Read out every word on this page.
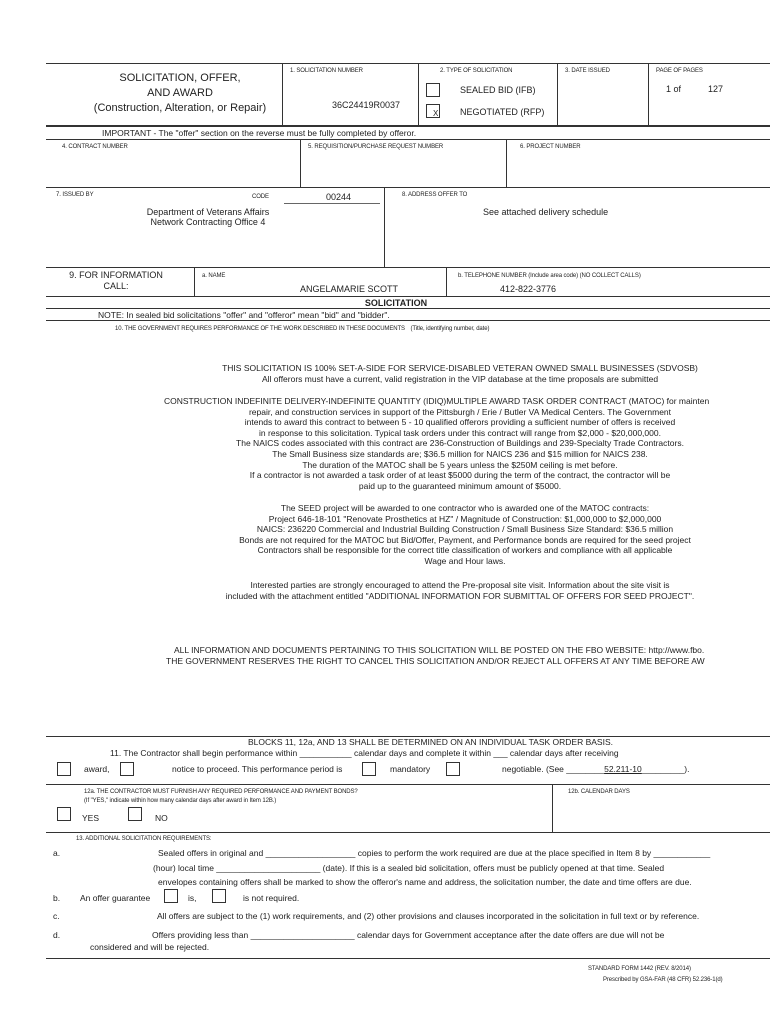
SOLICITATION, OFFER,
AND AWARD
(Construction, Alteration, or Repair)
1. SOLICITATION NUMBER
36C24419R0037
2. TYPE OF SOLICITATION
SEALED BID (IFB)
X NEGOTIATED (RFP)
3. DATE ISSUED	PAGE OF PAGES
1 of	127
IMPORTANT - The "offer" section on the reverse must be fully completed by offeror.
4. CONTRACT NUMBER	5. REQUISITION/PURCHASE REQUEST NUMBER	6. PROJECT NUMBER
7. ISSUED BY	CODE	00244
Department of Veterans Affairs
Network Contracting Office 4
8. ADDRESS OFFER TO
See attached delivery schedule
9. FOR INFORMATION
CALL:
a. NAME
ANGELAMARIE SCOTT
b. TELEPHONE NUMBER (Include area code) (NO COLLECT CALLS)
412-822-3776
SOLICITATION
NOTE: In sealed bid solicitations "offer" and "offeror" mean "bid" and "bidder".
10. THE GOVERNMENT REQUIRES PERFORMANCE OF THE WORK DESCRIBED IN THESE DOCUMENTS (Title, identifying number, date)
THIS SOLICITATION IS 100% SET-A-SIDE FOR SERVICE-DISABLED VETERAN OWNED SMALL BUSINESSES (SDVOSB)
All offerors must have a current, valid registration in the VIP database at the time proposals are submitted
CONSTRUCTION INDEFINITE DELIVERY-INDEFINITE QUANTITY (IDIQ)MULTIPLE AWARD TASK ORDER CONTRACT (MATOC) for mainten
repair, and construction services in support of the Pittsburgh / Erie / Butler VA Medical Centers. The Government
intends to award this contract to between 5 - 10 qualified offerors providing a sufficient number of offers is received
in response to this solicitation. Typical task orders under this contract will range from $2,000 - $20,000,000.
The NAICS codes associated with this contract are 236-Construction of Buildings and 239-Specialty Trade Contractors.
The Small Business size standards are; $36.5 million for NAICS 236 and $15 million for NAICS 238.
The duration of the MATOC shall be 5 years unless the $250M ceiling is met before.
If a contractor is not awarded a task order of at least $5000 during the term of the contract, the contractor will be
paid up to the guaranteed minimum amount of $5000.
The SEED project will be awarded to one contractor who is awarded one of the MATOC contracts:
Project 646-18-101 "Renovate Prosthetics at HZ" / Magnitude of Construction: $1,000,000 to $2,000,000
NAICS: 236220 Commercial and Industrial Building Construction / Small Business Size Standard: $36.5 million
Bonds are not required for the MATOC but Bid/Offer, Payment, and Performance bonds are required for the seed project
Contractors shall be responsible for the correct title classification of workers and compliance with all applicable
Wage and Hour laws.
Interested parties are strongly encouraged to attend the Pre-proposal site visit. Information about the site visit is
included with the attachment entitled "ADDITIONAL INFORMATION FOR SUBMITTAL OF OFFERS FOR SEED PROJECT".
ALL INFORMATION AND DOCUMENTS PERTAINING TO THIS SOLICITATION WILL BE POSTED ON THE FBO WEBSITE: http://www.fbo.
THE GOVERNMENT RESERVES THE RIGHT TO CANCEL THIS SOLICITATION AND/OR REJECT ALL OFFERS AT ANY TIME BEFORE AW
BLOCKS 11, 12a, AND 13 SHALL BE DETERMINED ON AN INDIVIDUAL TASK ORDER BASIS.
11. The Contractor shall begin performance within ___________ calendar days and complete it within ___ calendar days after receiving
award,	notice to proceed. This performance period is	mandatory	negotiable. (See ________52.211-10_________).
12a. THE CONTRACTOR MUST FURNISH ANY REQUIRED PERFORMANCE AND PAYMENT BONDS?
(If "YES," indicate within how many calendar days after award in Item 12B.)
12b. CALENDAR DAYS
YES	NO
13. ADDITIONAL SOLICITATION REQUIREMENTS:
a.	Sealed offers in original and ___________________ copies to perform the work required are due at the place specified in Item 8 by ____________
(hour) local time ______________________ (date). If this is a sealed bid solicitation, offers must be publicly opened at that time. Sealed
envelopes containing offers shall be marked to show the offeror's name and address, the solicitation number, the date and time offers are due.
b. An offer guarantee	is,	is not required.
c.	All offers are subject to the (1) work requirements, and (2) other provisions and clauses incorporated in the solicitation in full text or by reference.
d.	Offers providing less than ______________________ calendar days for Government acceptance after the date offers are due will not be
considered and will be rejected.
STANDARD FORM 1442 (REV. 8/2014)
Prescribed by GSA-FAR (48 CFR) 52.236-1(d)
